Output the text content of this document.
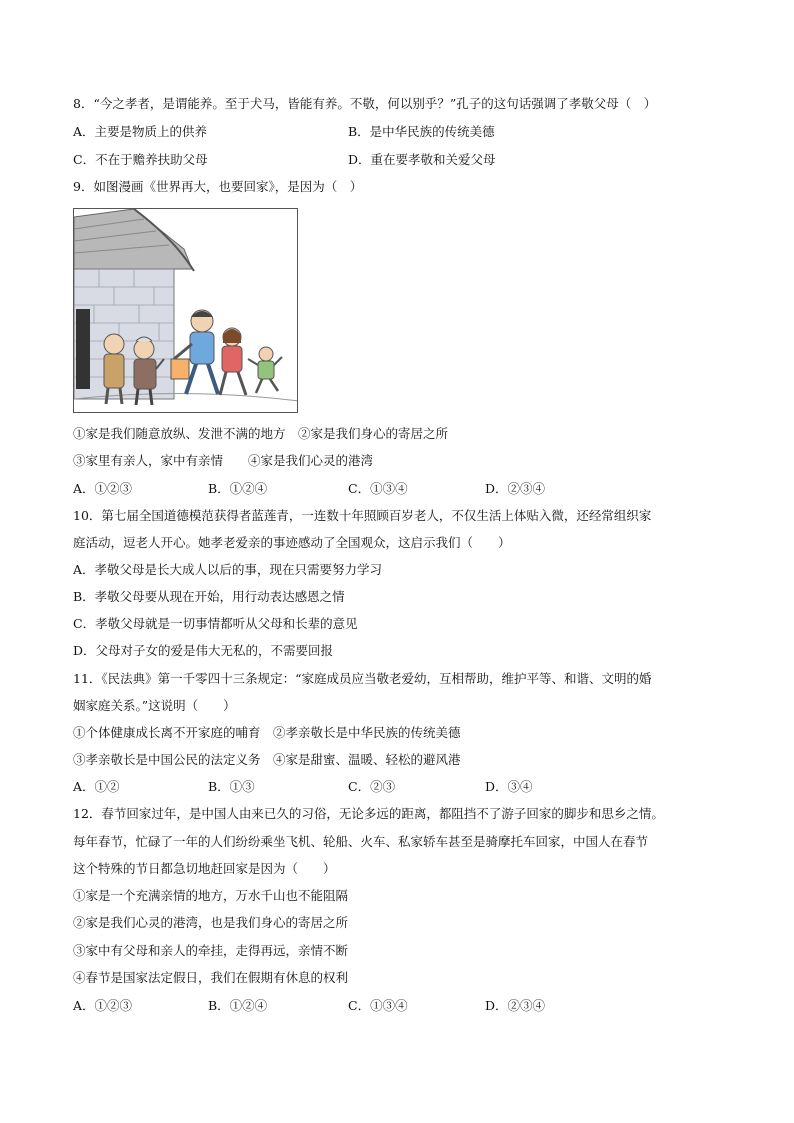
8．“今之孝者，是谓能养。至于犬马，皆能有养。不敬，何以别乎？”孔子的这句话强调了孝敬父母（　）
A．主要是物质上的供养	B．是中华民族的传统美德
C．不在于赡养扶助父母	D．重在要孝敬和关爱父母
9．如图漫画《世界再大，也要回家》，是因为（　）
①家是我们随意放纵、发泄不满的地方　②家是我们身心的寄居之所
③家里有亲人，家中有亲情　　④家是我们心灵的港湾
A．①②③	B．①②④	C．①③④	D．②③④
10．第七届全国道德模范获得者蓝莲青，一连数十年照顾百岁老人，不仅生活上体贴入微，还经常组织家
庭活动，逗老人开心。她孝老爱亲的事迹感动了全国观众，这启示我们（　　）
A．孝敬父母是长大成人以后的事，现在只需要努力学习
B．孝敬父母要从现在开始，用行动表达感恩之情
C．孝敬父母就是一切事情都听从父母和长辈的意见
D．父母对子女的爱是伟大无私的，不需要回报
11．《民法典》第一千零四十三条规定：“家庭成员应当敬老爱幼，互相帮助，维护平等、和谐、文明的婚
姻家庭关系。”这说明（　　）
①个体健康成长离不开家庭的哺育　②孝亲敬长是中华民族的传统美德
③孝亲敬长是中国公民的法定义务　④家是甜蜜、温暖、轻松的避风港
A．①②	B．①③	C．②③	D．③④
12．春节回家过年，是中国人由来已久的习俗，无论多远的距离，都阻挡不了游子回家的脚步和思乡之情。
每年春节，忙碌了一年的人们纷纷乘坐飞机、轮船、火车、私家轿车甚至是骑摩托车回家，中国人在春节
这个特殊的节日都急切地赶回家是因为（　　）
①家是一个充满亲情的地方，万水千山也不能阻隔
②家是我们心灵的港湾，也是我们身心的寄居之所
③家中有父母和亲人的牵挂，走得再远，亲情不断
④春节是国家法定假日，我们在假期有休息的权利
A．①②③	B．①②④	C．①③④	D．②③④
